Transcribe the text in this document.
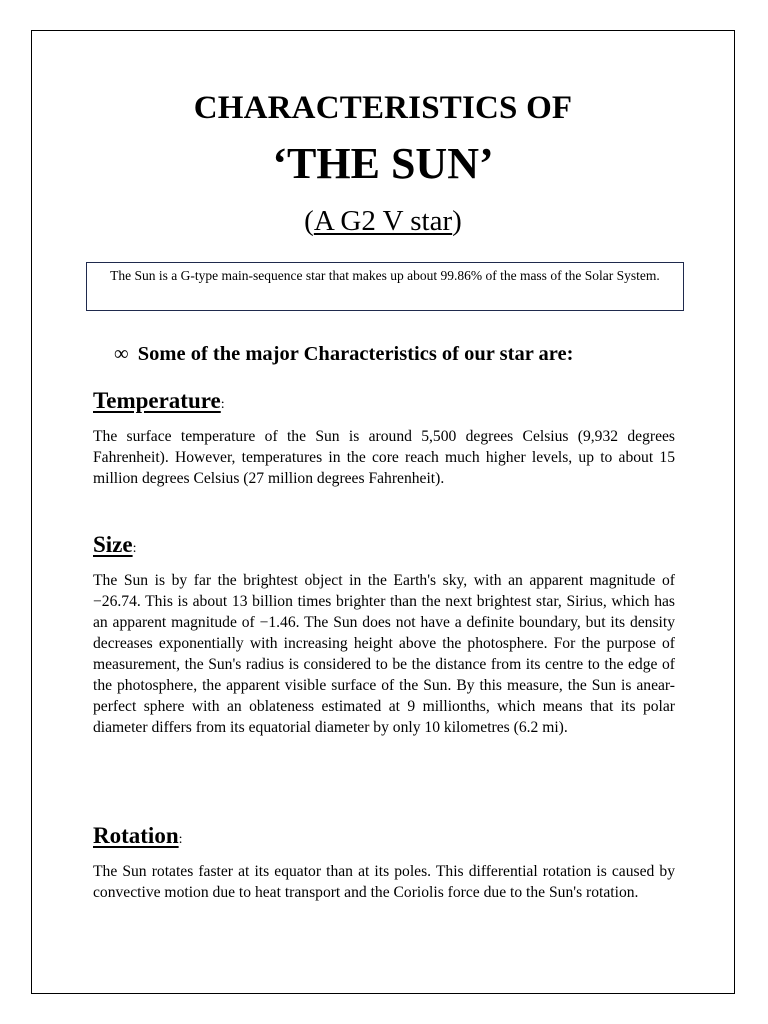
CHARACTERISTICS OF
‘THE SUN’
(A G2 V star)
The Sun is a G-type main-sequence star that makes up about 99.86% of the mass of the Solar System.
∞ Some of the major Characteristics of our star are:
Temperature:
The surface temperature of the Sun is around 5,500 degrees Celsius (9,932 degrees Fahrenheit). However, temperatures in the core reach much higher levels, up to about 15 million degrees Celsius (27 million degrees Fahrenheit).
Size:
The Sun is by far the brightest object in the Earth's sky, with an apparent magnitude of −26.74. This is about 13 billion times brighter than the next brightest star, Sirius, which has an apparent magnitude of −1.46. The Sun does not have a definite boundary, but its density decreases exponentially with increasing height above the photosphere. For the purpose of measurement, the Sun's radius is considered to be the distance from its centre to the edge of the photosphere, the apparent visible surface of the Sun. By this measure, the Sun is anear-perfect sphere with an oblateness estimated at 9 millionths, which means that its polar diameter differs from its equatorial diameter by only 10 kilometres (6.2 mi).
Rotation:
The Sun rotates faster at its equator than at its poles. This differential rotation is caused by convective motion due to heat transport and the Coriolis force due to the Sun's rotation.
